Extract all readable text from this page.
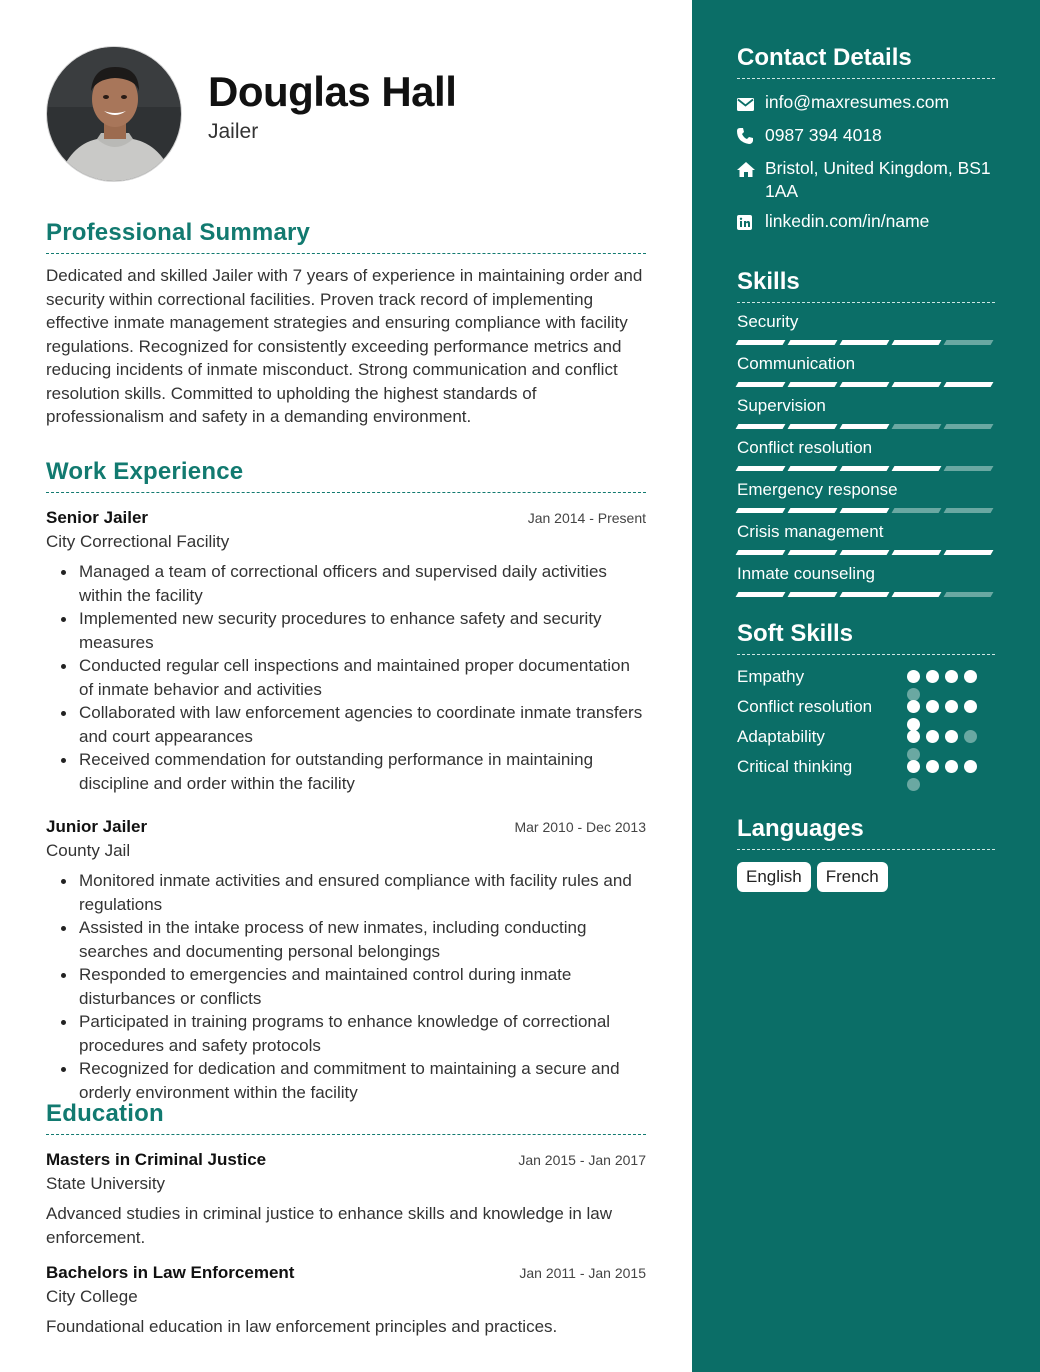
Douglas Hall
Jailer
Professional Summary
Dedicated and skilled Jailer with 7 years of experience in maintaining order and security within correctional facilities. Proven track record of implementing effective inmate management strategies and ensuring compliance with facility regulations. Recognized for consistently exceeding performance metrics and reducing incidents of inmate misconduct. Strong communication and conflict resolution skills. Committed to upholding the highest standards of professionalism and safety in a demanding environment.
Work Experience
Senior Jailer	Jan 2014 - Present
City Correctional Facility
Managed a team of correctional officers and supervised daily activities within the facility
Implemented new security procedures to enhance safety and security measures
Conducted regular cell inspections and maintained proper documentation of inmate behavior and activities
Collaborated with law enforcement agencies to coordinate inmate transfers and court appearances
Received commendation for outstanding performance in maintaining discipline and order within the facility
Junior Jailer	Mar 2010 - Dec 2013
County Jail
Monitored inmate activities and ensured compliance with facility rules and regulations
Assisted in the intake process of new inmates, including conducting searches and documenting personal belongings
Responded to emergencies and maintained control during inmate disturbances or conflicts
Participated in training programs to enhance knowledge of correctional procedures and safety protocols
Recognized for dedication and commitment to maintaining a secure and orderly environment within the facility
Education
Masters in Criminal Justice	Jan 2015 - Jan 2017
State University
Advanced studies in criminal justice to enhance skills and knowledge in law enforcement.
Bachelors in Law Enforcement	Jan 2011 - Jan 2015
City College
Foundational education in law enforcement principles and practices.
Contact Details
info@maxresumes.com
0987 394 4018
Bristol, United Kingdom, BS1 1AA
linkedin.com/in/name
Skills
Security
Communication
Supervision
Conflict resolution
Emergency response
Crisis management
Inmate counseling
Soft Skills
Empathy
Conflict resolution
Adaptability
Critical thinking
Languages
English	French
